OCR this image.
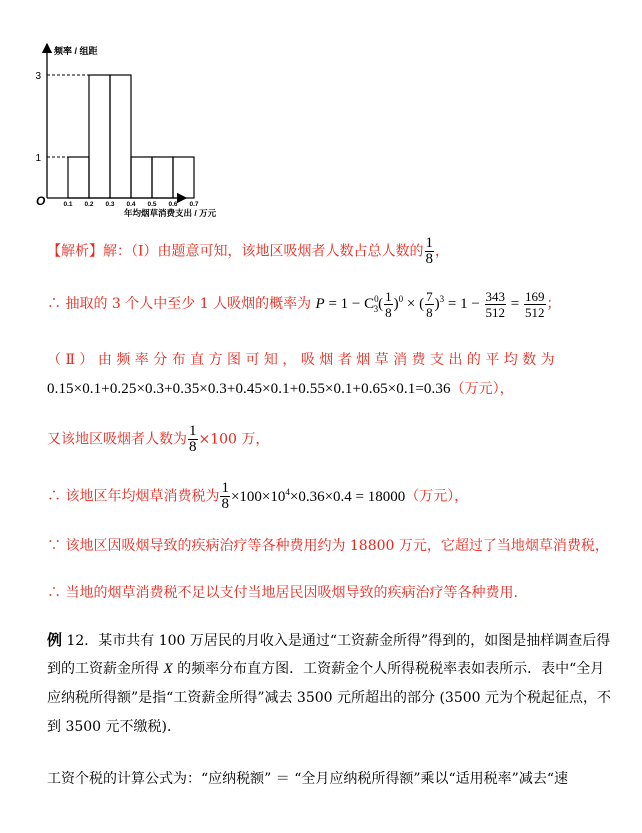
0.1 0.2 0.3 0.4 0.5 0.6 0.7
1
3
频率 / 组距
年均烟草消费支出 / 万元
O
【解析】解：（Ⅰ）由题意可知，该地区吸烟者人数占总人数的 $\frac{1}{8}$ ，
∴ 抽取的 3 个人中至少 1 人吸烟的概率为 $P = 1 - C^0_3( \frac{1}{8} )^0$ × ( $\frac{7}{8} )^3 = 1 - \frac{343}{512} = \frac{169}{512}$ ；
（ Ⅱ ） 由 频 率 分 布 直 方 图 可 知 ， 吸 烟 者 烟 草 消 费 支 出 的 平 均 数 为
0.15×0.1+0.25×0.3+0.35×0.3+0.45×0.1+0.55×0.1+0.65×0.1=0.36（万元），
又该地区吸烟者人数为 $\frac{1}{8} \times 100$ 万，
∴ 该地区年均烟草消费税为 $\frac{1}{8} \times 100\times 10^4\times 0.36\times 0.4 = 18000$（万元），
∵ 该地区因吸烟导致的疾病治疗等各种费用约为 18800 万元，它超过了当地烟草消费税，
∴ 当地的烟草消费税不足以支付当地居民因吸烟导致的疾病治疗等各种费用.
例 12．某市共有 100 万居民的月收入是通过“工资薪金所得”得到的，如图是抽样调查后得
到的工资薪金所得 X 的频率分布直方图．工资薪金个人所得税税率表如表所示．表中“全月
应纳税所得额”是指“工资薪金所得”减去 3500 元所超出的部分 (3500 元为个税起征点，不
到 3500 元不缴税)．
工资个税的计算公式为：“应纳税额” ＝ “全月应纳税所得额”乘以“适用税率”减去“速
